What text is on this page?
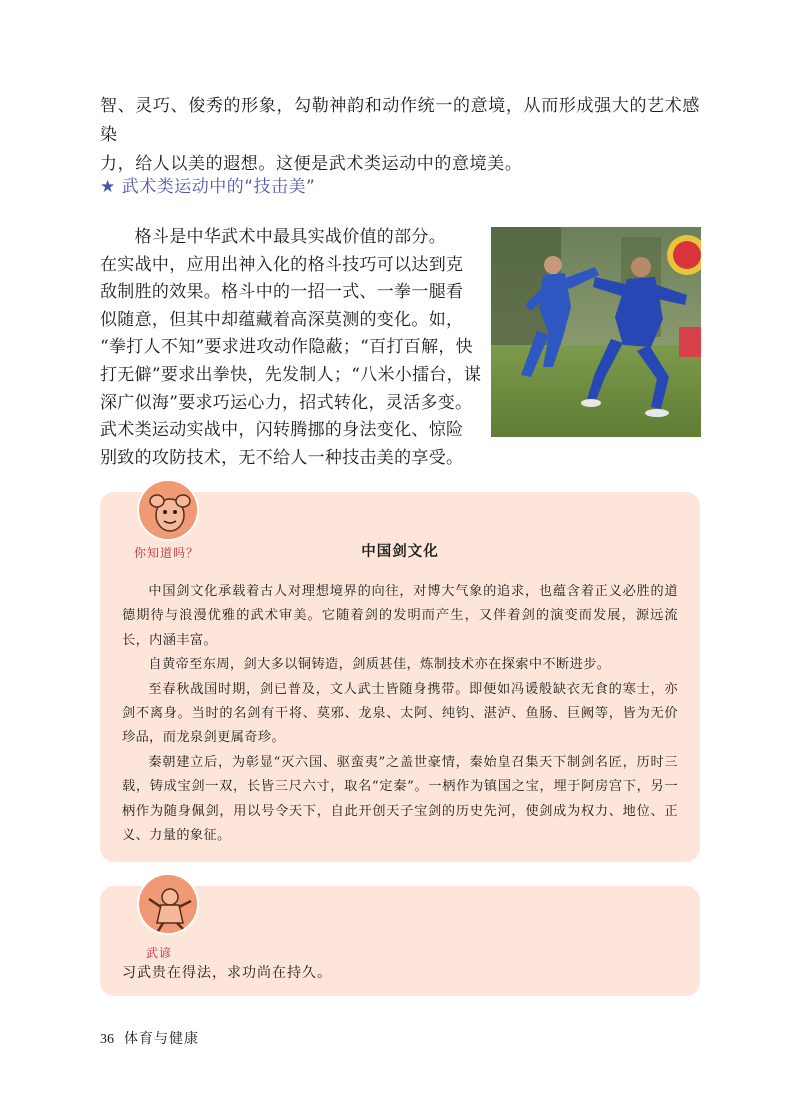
智、灵巧、俊秀的形象，勾勒神韵和动作统一的意境，从而形成强大的艺术感染

力，给人以美的遐想。这便是武术类运动中的意境美。

★ 武术类运动中的“技击美”
　　格斗是中华武术中最具实战价值的部分。
在实战中，应用出神入化的格斗技巧可以达到克
敌制胜的效果。格斗中的一招一式、一拳一腿看
似随意，但其中却蕴藏着高深莫测的变化。如，
“拳打人不知”要求进攻动作隐蔽；“百打百解，快
打无僻”要求出拳快，先发制人；“八米小擂台，谋
深广似海”要求巧运心力，招式转化，灵活多变。
武术类运动实战中，闪转腾挪的身法变化、惊险
别致的攻防技术，无不给人一种技击美的享受。
你知道吗？	中国剑文化

中国剑文化承载着古人对理想境界的向往，对博大气象的追求，也蕴含着正义必胜的道德期待与浪漫优雅的武术审美。它随着剑的发明而产生，又伴着剑的演变而发展，源远流长，内涵丰富。

自黄帝至东周，剑大多以铜铸造，剑质甚佳，炼制技术亦在探索中不断进步。

至春秋战国时期，剑已普及，文人武士皆随身携带。即便如冯谖般缺衣无食的寒士，亦剑不离身。当时的名剑有干将、莫邪、龙泉、太阿、纯钧、湛泸、鱼肠、巨阙等，皆为无价珍品，而龙泉剑更属奇珍。

秦朝建立后，为彰显“灭六国、驱蛮夷”之盖世豪情，秦始皇召集天下制剑名匠，历时三载，铸成宝剑一双，长皆三尺六寸，取名“定秦”。一柄作为镇国之宝，埋于阿房宫下，另一柄作为随身佩剑，用以号令天下，自此开创天子宝剑的历史先河，使剑成为权力、地位、正义、力量的象征。

武谚
习武贵在得法，求功尚在持久。
36 体育与健康
